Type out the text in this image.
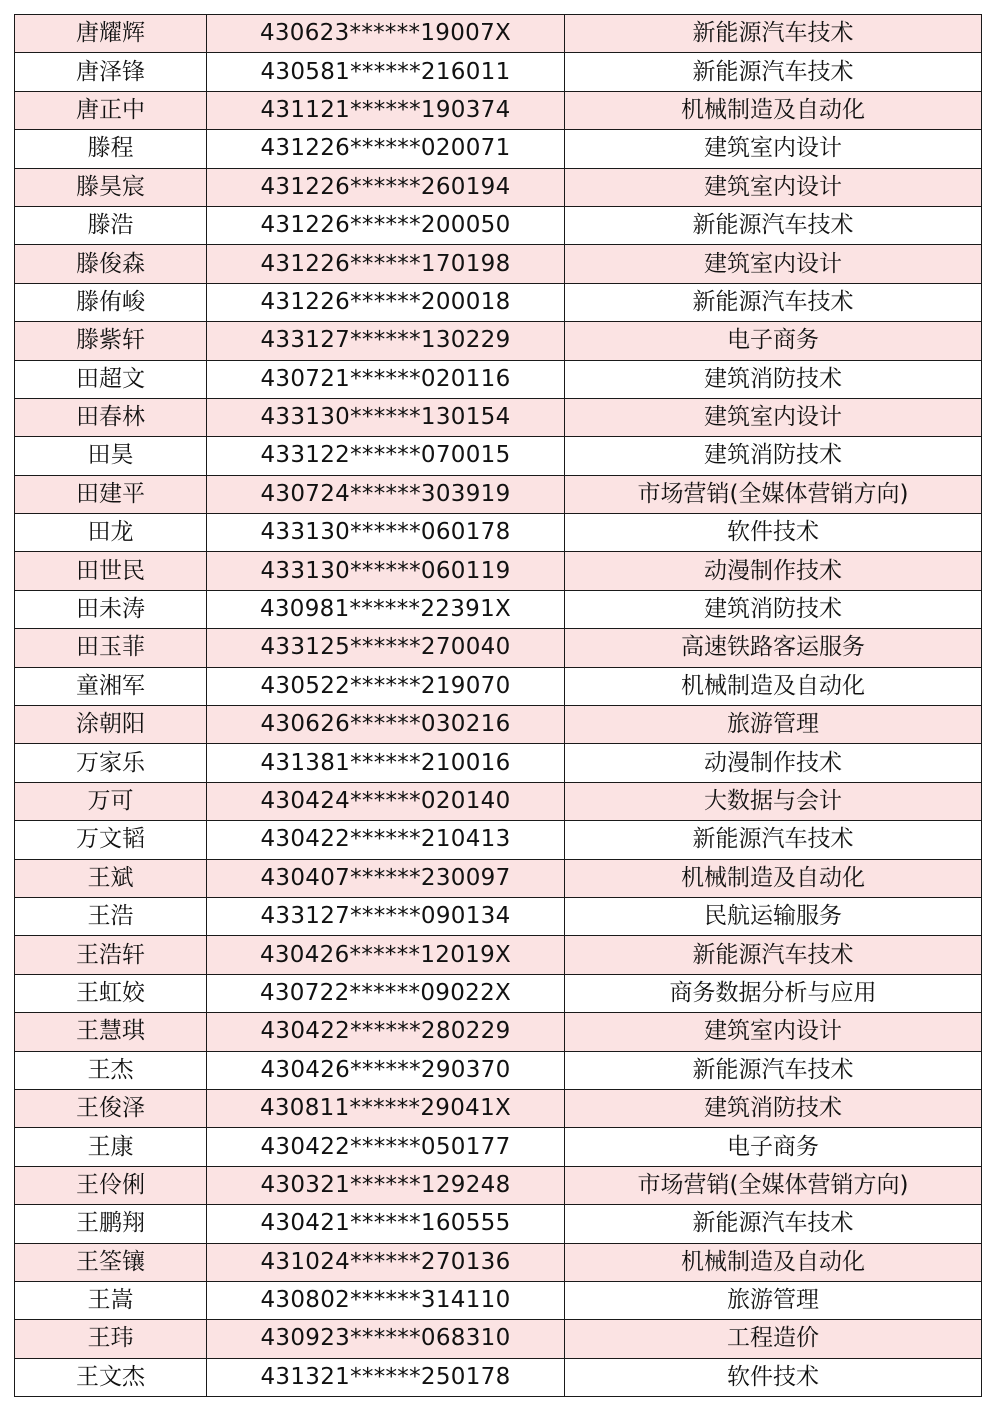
唐耀辉	430623******19007X	新能源汽车技术
唐泽锋	430581******216011	新能源汽车技术
唐正中	431121******190374	机械制造及自动化
滕程	431226******020071	建筑室内设计
滕昊宸	431226******260194	建筑室内设计
滕浩	431226******200050	新能源汽车技术
滕俊森	431226******170198	建筑室内设计
滕侑峻	431226******200018	新能源汽车技术
滕紫轩	433127******130229	电子商务
田超文	430721******020116	建筑消防技术
田春林	433130******130154	建筑室内设计
田昊	433122******070015	建筑消防技术
田建平	430724******303919	市场营销(全媒体营销方向)
田龙	433130******060178	软件技术
田世民	433130******060119	动漫制作技术
田未涛	430981******22391X	建筑消防技术
田玉菲	433125******270040	高速铁路客运服务
童湘军	430522******219070	机械制造及自动化
涂朝阳	430626******030216	旅游管理
万家乐	431381******210016	动漫制作技术
万可	430424******020140	大数据与会计
万文韬	430422******210413	新能源汽车技术
王斌	430407******230097	机械制造及自动化
王浩	433127******090134	民航运输服务
王浩轩	430426******12019X	新能源汽车技术
王虹姣	430722******09022X	商务数据分析与应用
王慧琪	430422******280229	建筑室内设计
王杰	430426******290370	新能源汽车技术
王俊泽	430811******29041X	建筑消防技术
王康	430422******050177	电子商务
王伶俐	430321******129248	市场营销(全媒体营销方向)
王鹏翔	430421******160555	新能源汽车技术
王筌镶	431024******270136	机械制造及自动化
王嵩	430802******314110	旅游管理
王玮	430923******068310	工程造价
王文杰	431321******250178	软件技术
